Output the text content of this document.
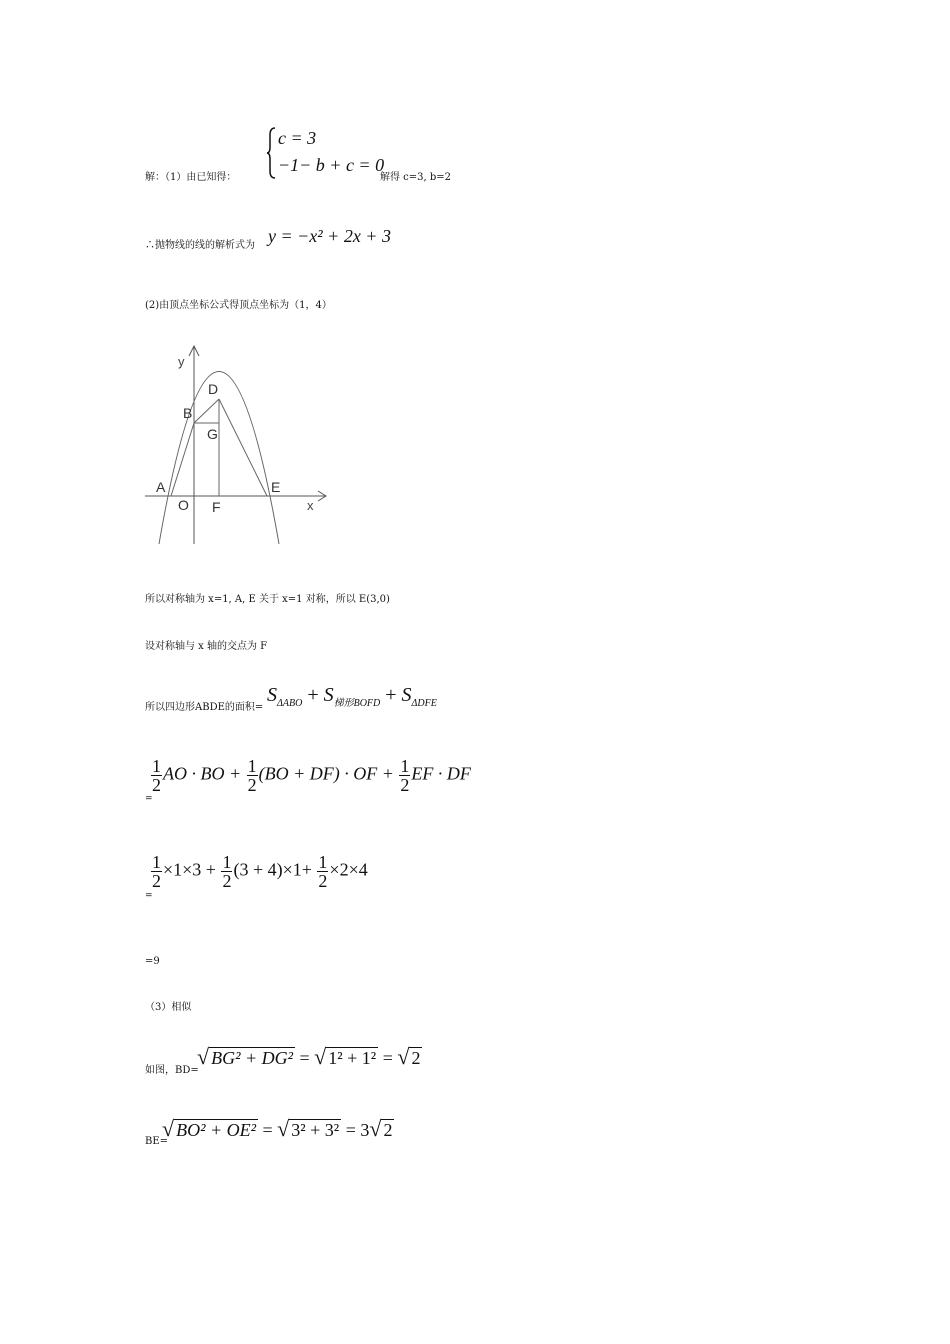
解：（1）由已知得：
c = 3
−1− b + c = 0
解得 c=3, b=2
∴抛物线的线的解析式为 y = −x² + 2x + 3
(2)由顶点坐标公式得顶点坐标为（1，4）
y
x
D
B
G
A
O F
E
所以对称轴为 x=1, A, E 关于 x=1 对称，所以 E(3,0)
设对称轴与 x 轴的交点为 F
所以四边形ABDE的面积=
$S_{\Delta ABO} + S_{梯形BOFD} + S_{\Delta DFE}$
=
$\frac{1}{2}$ AO · BO + $\frac{1}{2} (BO + DF)$ · OF + $\frac{1}{2}$ EF · DF
=
$\frac{1}{2} \times 1\times 3 + \frac{1}{2} (3 + 4)\times 1+ \frac{1}{2} \times 2\times 4$
=9
（3）相似
如图，BD=
√ BG² + DG² = √ 1² + 1² = √ 2
BE=
√ BO² + OE² = √ 3² + 3² = 3√ 2
